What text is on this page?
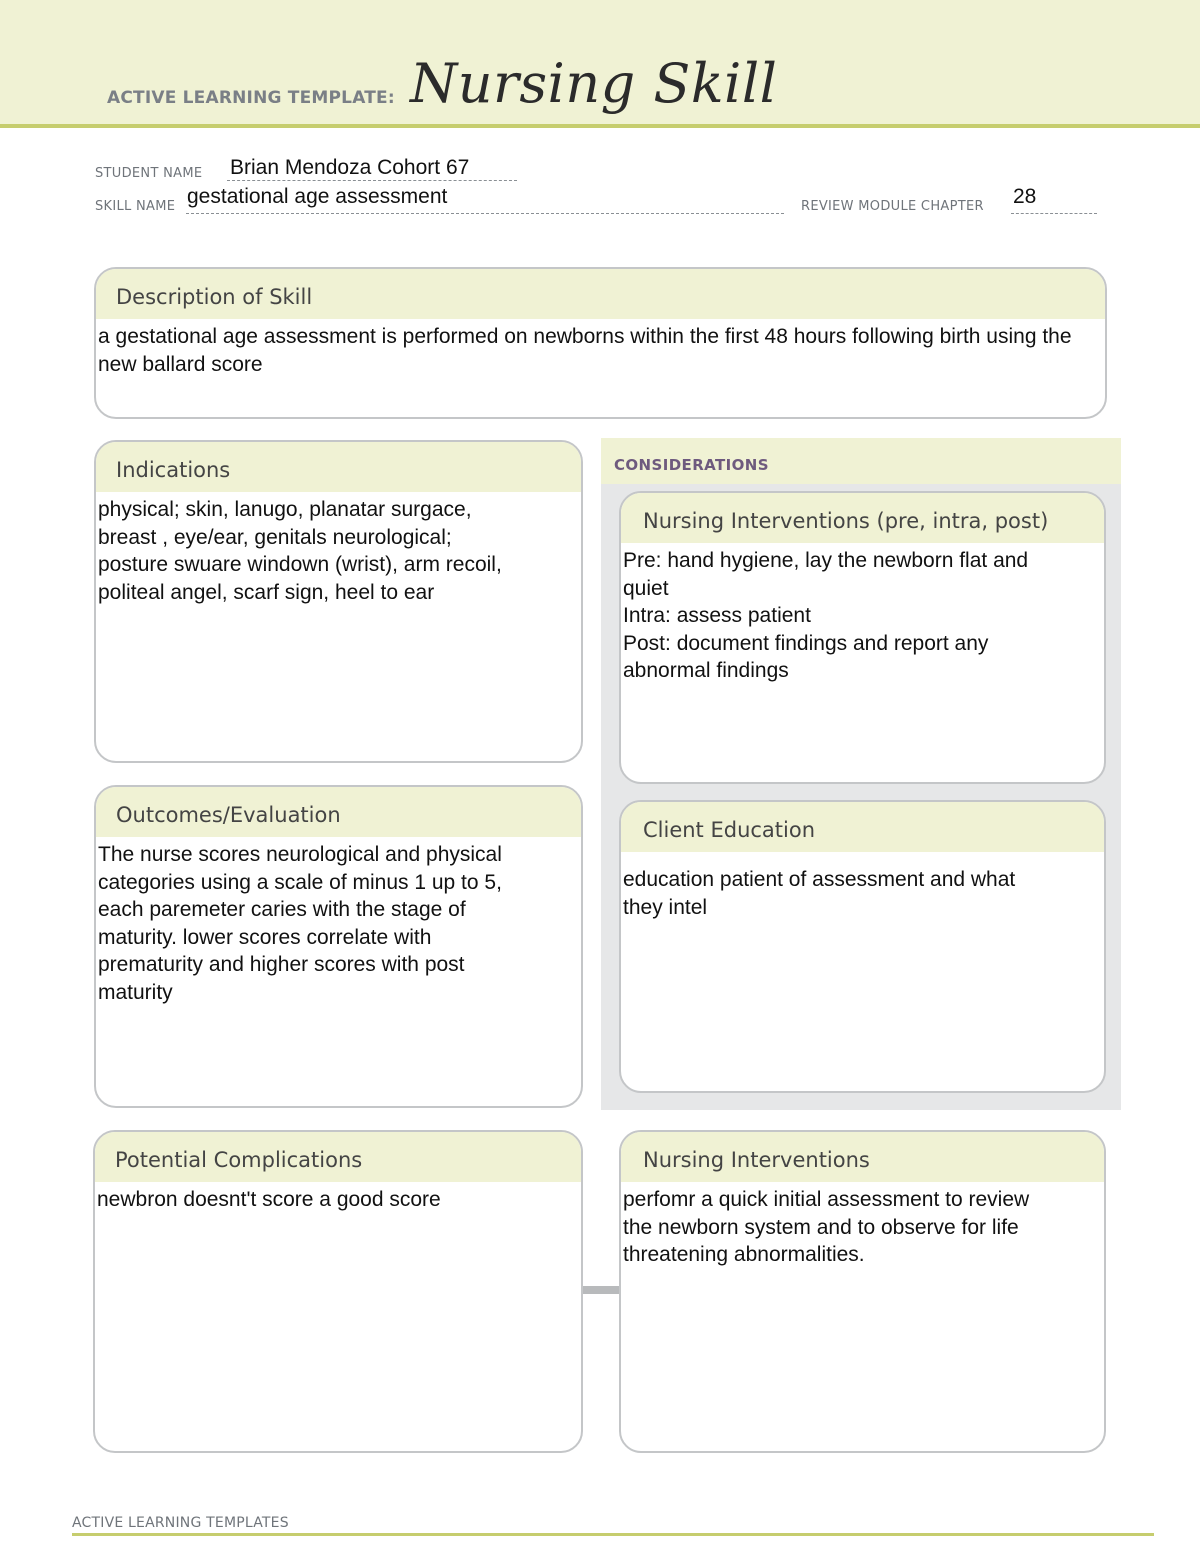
ACTIVE LEARNING TEMPLATE: Nursing Skill
STUDENT NAME Brian Mendoza Cohort 67
SKILL NAME gestational age assessment	REVIEW MODULE CHAPTER 28
Description of Skill
a gestational age assessment is performed on newborns within the first 48 hours following birth using the new ballard score
CONSIDERATIONS
Indications
physical; skin, lanugo, planatar surgace,
breast , eye/ear, genitals neurological;
posture swuare windown (wrist), arm recoil,
politeal angel, scarf sign, heel to ear
Nursing Interventions (pre, intra, post)
Pre: hand hygiene, lay the newborn flat and
quiet
Intra: assess patient
Post: document findings and report any
abnormal findings
Outcomes/Evaluation
The nurse scores neurological and physical
categories using a scale of minus 1 up to 5,
each paremeter caries with the stage of
maturity. lower scores correlate with
prematurity and higher scores with post
maturity
Client Education
education patient of assessment and what
they intel
Potential Complications
newbron doesnt't score a good score
Nursing Interventions
perfomr a quick initial assessment to review
the newborn system and to observe for life
threatening abnormalities.
ACTIVE LEARNING TEMPLATES
